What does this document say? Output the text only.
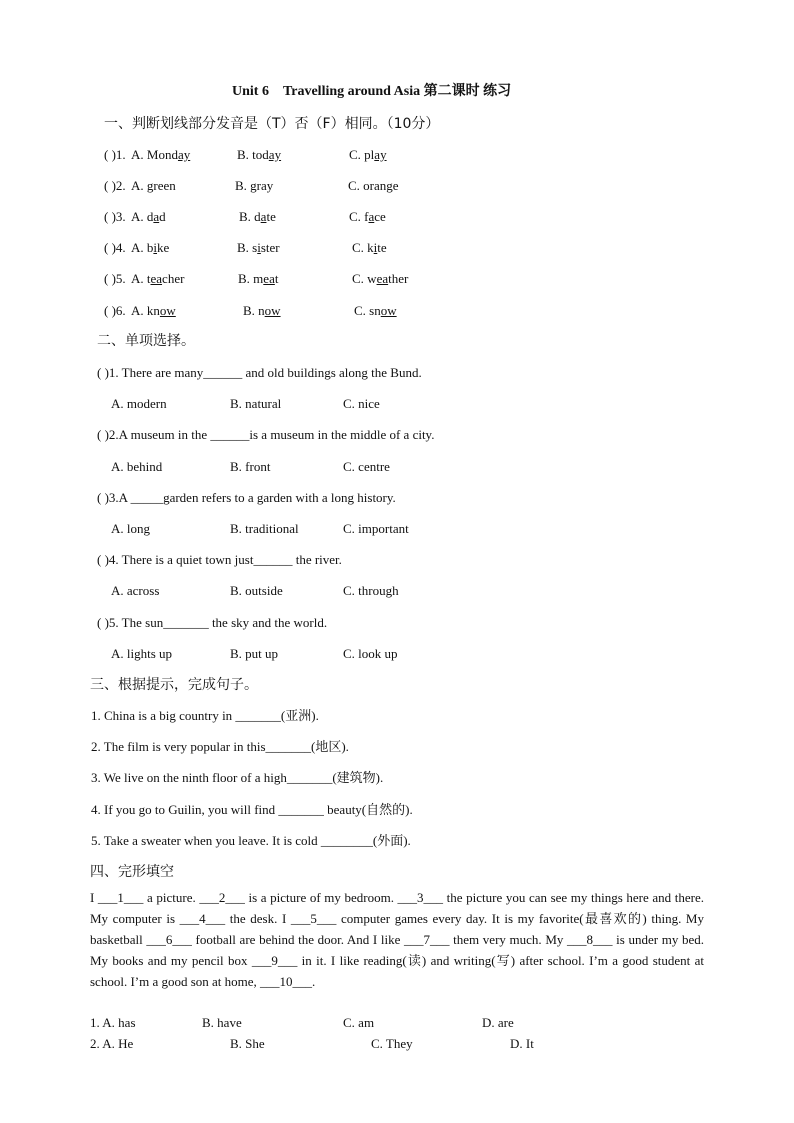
Unit 6　Travelling around Asia 第二课时 练习
一、判断划线部分发音是（T）否（F）相同。（10分）
( )1. A. Monday	B. today	C. play
( )2. A. green	B. gray	C. orange
( )3. A. dad	B. date	C. face
( )4. A. bike	B. sister	C. kite
( )5. A. teacher	B. meat	C. weather
( )6. A. know	B. now	C. snow
二、单项选择。
( )1. There are many______ and old buildings along the Bund.
A. modern	B. natural	C. nice
( )2.A museum in the ______is a museum in the middle of a city.
A. behind	B. front	C. centre
( )3.A _____garden refers to a garden with a long history.
A. long	B. traditional	C. important
( )4. There is a quiet town just______ the river.
A. across	B. outside	C. through
( )5. The sun_______ the sky and the world.
A. lights up	B. put up	C. look up
三、根据提示，完成句子。
1. China is a big country in _______(亚洲).
2. The film is very popular in this_______(地区).
3. We live on the ninth floor of a high_______(建筑物).
4. If you go to Guilin, you will find _______ beauty(自然的).
5. Take a sweater when you leave. It is cold ________(外面).
四、完形填空
I ___1___ a picture. ___2___ is a picture of my bedroom. ___3___ the picture you can see my things here and there. My computer is ___4___ the desk. I ___5___ computer games every day. It is my favorite(最喜欢的) thing. My basketball ___6___ football are behind the door. And I like ___7___ them very much. My ___8___ is under my bed. My books and my pencil box ___9___ in it. I like reading(读) and writing(写) after school. I’m a good student at school. I’m a good son at home, ___10___.
1. A. has	B. have	C. am	D. are
2. A. He	B. She	C. They	D. It
